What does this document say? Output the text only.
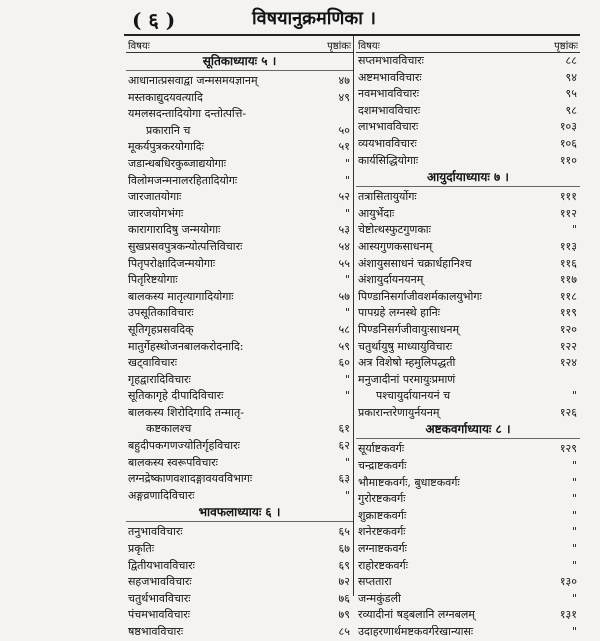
( ६ )	विषयानुक्रमणिका ।
विषयः	पृष्ठांकः
सूतिकाध्यायः ५ ।
आधानात्प्रसवाद्वा जन्मसमयज्ञानम्	४७
मस्तकाद्युदयवत्यादि	४९
यमलसदन्तादियोगा दन्तोत्पत्ति-
प्रकारानि च	५०
मूकर्यपुत्रकरयोगादिः	५१
जडान्धबधिरकुब्जाद्ययोगाः	"
विलोमजन्मनालरहितादियोगः	"
जारजातयोगाः	५२
जारजयोगभंगः	"
कारागारादिषु जन्मयोगाः	५३
सुखप्रसवपुत्रकन्योत्पत्तिविचारः	५४
पितृपरोक्षादिजन्मयोगाः	५५
पितृरिष्टयोगाः	"
बालकस्य मातृत्यागादियोगाः	५७
उपसूतिकाविचारः	"
सूतिगृहप्रसवदिक्	५८
मातुर्गेहस्थोजनबालकरोदनादि:	५९
खट्वाविचारः	६०
गृहद्वारादिविचारः	"
सूतिकागृहे दीपादिविचारः	"
बालकस्य शिरोदिगादि तन्मातृ-
कष्टकालश्च	६१
बहुदीपकगणज्योतिर्गृहविचारः	६२
बालकस्य स्वरूपविचारः	"
लग्नद्रेष्काणवशादङ्गावयवविभागः	६३
अङ्गव्रणादिविचारः	"
भावफलाध्यायः ६ ।
तनुभावविचारः	६५
प्रकृतिः	६७
द्वितीयभावविचारः	६९
सहजभावविचारः	७२
चतुर्थभावविचारः	७६
पंचमभावविचारः	७९
षष्ठभावविचारः	८५
विषयः	पृष्ठांकः
सप्तमभावविचारः	८८
अष्टमभावविचारः	९४
नवमभावविचारः	९५
दशमभावविचारः	९८
लाभभावविचारः	१०३
व्ययभावविचारः	१०६
कार्यसिद्धियोगाः	११०
आयुर्दायाध्यायः ७ ।
तत्रासितायुर्योगः	१११
आयुर्भेदाः	११२
चेष्टोत्थस्फुटगुणकाः	"
आस्यगुणकसाधनम्	११३
अंशायुससाधनं चक्रार्धहानिश्च	११६
अंशायुर्दायनयनम्	११७
पिण्डानिसर्गाजीवशर्मकालयुभोगः	११८
पापग्रहे लग्नस्थे हानिः	११९
पिण्डनिसर्गजीवायुःसाधनम्	१२०
चतुर्थायुषु माध्यायुविचारः	१२२
अत्र विशेषो म्हमुलिपद्धती	१२४
मनुजादीनां परमायुःप्रमाणं
पश्चायुर्दायानयनं च	"
प्रकारान्तरेणायुर्नयनम्	१२६
अष्टकवर्गाध्यायः ८ ।
सूर्याष्टकवर्गः	१२९
चन्द्राष्टकवर्गः	"
भौमाष्टकवर्गः, बुधाष्टकवर्गः	"
गुरोरष्टकवर्गः	"
शुक्राष्टकवर्गः	"
शनेरष्टकवर्गः	"
लग्नाष्टकवर्गः	"
राहोरष्टकवर्गः	"
सप्ततारा	१३०
जन्मकुंडली	"
रव्यादीनां षड्बलानि लग्नबलम्	१३१
उदाहरणार्थमष्टकवर्गरेखान्यासः	"
